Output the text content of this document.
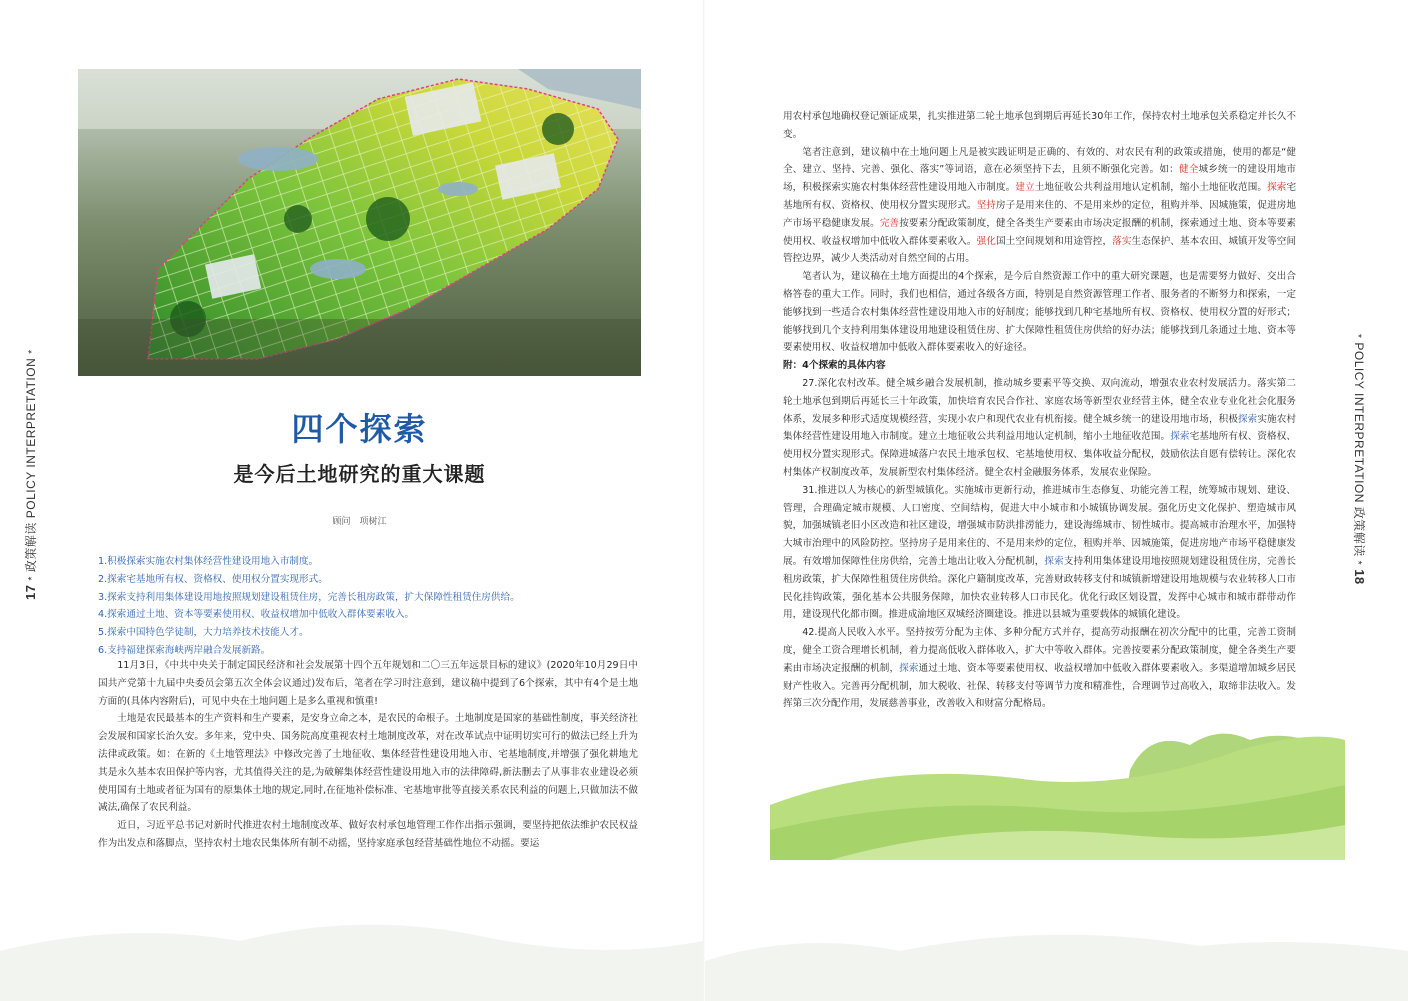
17*政策解读 POLICY INTERPRETATION*
四个探索
是今后土地研究的重大课题
顾问　项树江
1.积极探索实施农村集体经营性建设用地入市制度。
2.探索宅基地所有权、资格权、使用权分置实现形式。
3.探索支持利用集体建设用地按照规划建设租赁住房，完善长租房政策，扩大保障性租赁住房供给。
4.探索通过土地、资本等要素使用权、收益权增加中低收入群体要素收入。
5.探索中国特色学徒制，大力培养技术技能人才。
6.支持福建探索海峡两岸融合发展新路。

11月3日，《中共中央关于制定国民经济和社会发展第十四个五年规划和二〇三五年远景目标的建议》(2020年10月29日中国共产党第十九届中央委员会第五次全体会议通过)发布后，笔者在学习时注意到，建议稿中提到了6个探索，其中有4个是土地方面的(具体内容附后)，可见中央在土地问题上是多么重视和慎重!

土地是农民最基本的生产资料和生产要素，是安身立命之本，是农民的命根子。土地制度是国家的基础性制度，事关经济社会发展和国家长治久安。多年来，党中央、国务院高度重视农村土地制度改革，对在改革试点中证明切实可行的做法已经上升为法律或政策。如：在新的《土地管理法》中修改完善了土地征收、集体经营性建设用地入市、宅基地制度,并增强了强化耕地尤其是永久基本农田保护等内容，尤其值得关注的是,为破解集体经营性建设用地入市的法律障碍,新法删去了从事非农业建设必须使用国有土地或者征为国有的原集体土地的规定,同时,在征地补偿标准、宅基地审批等直接关系农民利益的问题上,只做加法不做减法,确保了农民利益。

近日，习近平总书记对新时代推进农村土地制度改革、做好农村承包地管理工作作出指示强调，要坚持把依法维护农民权益作为出发点和落脚点，坚持农村土地农民集体所有制不动摇，坚持家庭承包经营基础性地位不动摇。要运

用农村承包地确权登记颁证成果，扎实推进第二轮土地承包到期后再延长30年工作，保持农村土地承包关系稳定并长久不变。

笔者注意到，建议稿中在土地问题上凡是被实践证明是正确的、有效的、对农民有利的政策或措施，使用的都是“健全、建立、坚持、完善、强化、落实”等词语，意在必须坚持下去，且须不断强化完善。如：健全城乡统一的建设用地市场，积极探索实施农村集体经营性建设用地入市制度。建立土地征收公共利益用地认定机制，缩小土地征收范围。探索宅基地所有权、资格权、使用权分置实现形式。坚持房子是用来住的、不是用来炒的定位，租购并举、因城施策，促进房地产市场平稳健康发展。完善按要素分配政策制度，健全各类生产要素由市场决定报酬的机制，探索通过土地、资本等要素使用权、收益权增加中低收入群体要素收入。强化国土空间规划和用途管控，落实生态保护、基本农田、城镇开发等空间管控边界，减少人类活动对自然空间的占用。

笔者认为，建议稿在土地方面提出的4个探索，是今后自然资源工作中的重大研究课题，也是需要努力做好、交出合格答卷的重大工作。同时，我们也相信，通过各级各方面，特别是自然资源管理工作者、服务者的不断努力和探索，一定能够找到一些适合农村集体经营性建设用地入市的好制度；能够找到几种宅基地所有权、资格权、使用权分置的好形式；能够找到几个支持利用集体建设用地建设租赁住房、扩大保障性租赁住房供给的好办法；能够找到几条通过土地、资本等要素使用权、收益权增加中低收入群体要素收入的好途径。

附：4个探索的具体内容

27.深化农村改革。健全城乡融合发展机制，推动城乡要素平等交换、双向流动，增强农业农村发展活力。落实第二轮土地承包到期后再延长三十年政策，加快培育农民合作社、家庭农场等新型农业经营主体，健全农业专业化社会化服务体系，发展多种形式适度规模经营，实现小农户和现代农业有机衔接。健全城乡统一的建设用地市场，积极探索实施农村集体经营性建设用地入市制度。建立土地征收公共利益用地认定机制，缩小土地征收范围。探索宅基地所有权、资格权、使用权分置实现形式。保障进城落户农民土地承包权、宅基地使用权、集体收益分配权，鼓励依法自愿有偿转让。深化农村集体产权制度改革，发展新型农村集体经济。健全农村金融服务体系，发展农业保险。

31.推进以人为核心的新型城镇化。实施城市更新行动，推进城市生态修复、功能完善工程，统筹城市规划、建设、管理，合理确定城市规模、人口密度、空间结构，促进大中小城市和小城镇协调发展。强化历史文化保护、塑造城市风貌，加强城镇老旧小区改造和社区建设，增强城市防洪排涝能力，建设海绵城市、韧性城市。提高城市治理水平，加强特大城市治理中的风险防控。坚持房子是用来住的、不是用来炒的定位，租购并举、因城施策，促进房地产市场平稳健康发展。有效增加保障性住房供给，完善土地出让收入分配机制，探索支持利用集体建设用地按照规划建设租赁住房，完善长租房政策，扩大保障性租赁住房供给。深化户籍制度改革，完善财政转移支付和城镇新增建设用地规模与农业转移人口市民化挂钩政策，强化基本公共服务保障，加快农业转移人口市民化。优化行政区划设置，发挥中心城市和城市群带动作用，建设现代化都市圈。推进成渝地区双城经济圈建设。推进以县城为重要载体的城镇化建设。

42.提高人民收入水平。坚持按劳分配为主体、多种分配方式并存，提高劳动报酬在初次分配中的比重，完善工资制度，健全工资合理增长机制，着力提高低收入群体收入，扩大中等收入群体。完善按要素分配政策制度，健全各类生产要素由市场决定报酬的机制，探索通过土地、资本等要素使用权、收益权增加中低收入群体要素收入。多渠道增加城乡居民财产性收入。完善再分配机制，加大税收、社保、转移支付等调节力度和精准性，合理调节过高收入，取缔非法收入。发挥第三次分配作用，发展慈善事业，改善收入和财富分配格局。

*POLICY INTERPRETATION 政策解读*18
